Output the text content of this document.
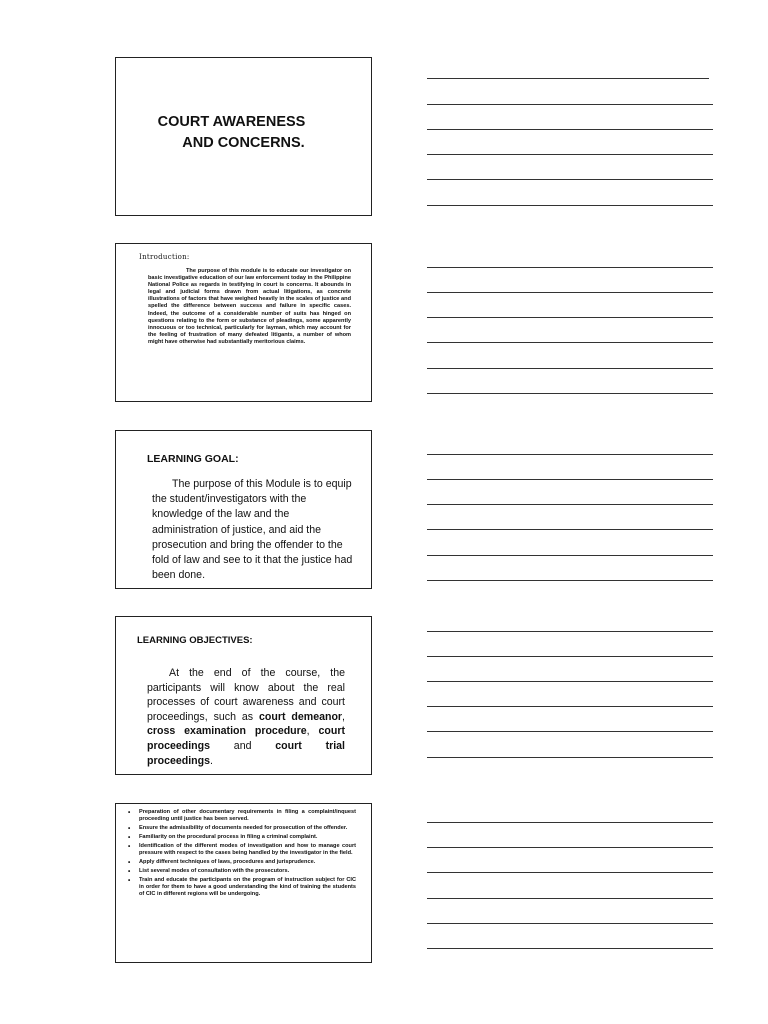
COURT AWARENESS
AND CONCERNS.
Introduction:
The purpose of this module is to educate our investigator on basic investigative education of our law enforcement today in the Philippine National Police as regards in testifying in court is concerns. It abounds in legal and judicial forms drawn from actual litigations, as concrete illustrations of factors that have weighed heavily in the scales of justice and spelled the difference between success and failure in specific cases. Indeed, the outcome of a considerable number of suits has hinged on questions relating to the form or substance of pleadings, some apparently innocuous or too technical, particularly for layman, which may account for the feeling of frustration of many defeated litigants, a number of whom might have otherwise had substantially meritorious claims.
LEARNING GOAL:
The purpose of this Module is to equip the student/investigators with the knowledge of the law and the administration of justice, and aid the prosecution and bring the offender to the fold of law and see to it that the justice had been done.
LEARNING OBJECTIVES:
At the end of the course, the participants will know about the real processes of court awareness and court proceedings, such as court demeanor, cross examination procedure, court proceedings and court trial proceedings.
• Preparation of other documentary requirements in filing a complaint/inquest proceeding until justice has been served.
• Ensure the admissibility of documents needed for prosecution of the offender.
• Familiarity on the procedural process in filing a criminal complaint.
• Identification of the different modes of investigation and how to manage court pressure with respect to the cases being handled by the investigator in the field.
• Apply different techniques of laws, procedures and jurisprudence.
• List several modes of consultation with the prosecutors.
• Train and educate the participants on the program of instruction subject for CIC in order for them to have a good understanding the kind of training the students of CIC in different regions will be undergoing.
